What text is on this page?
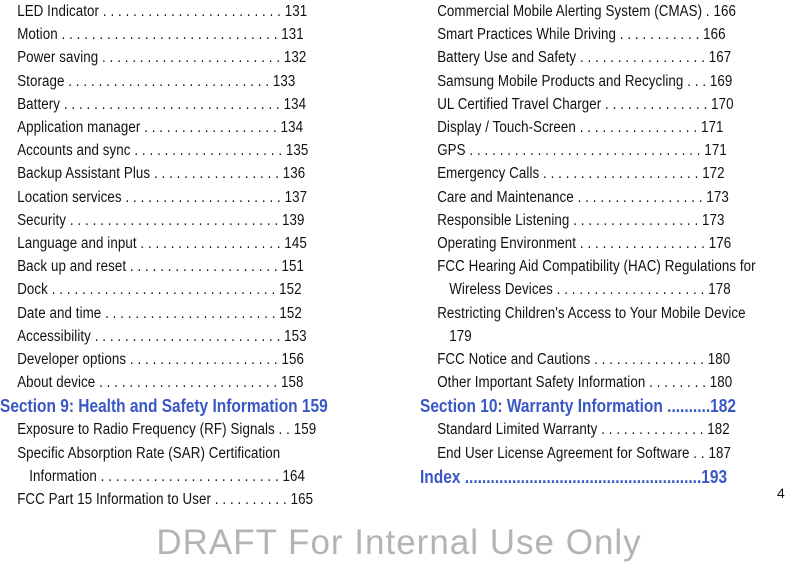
LED Indicator . . . . . . . . . . . . . . . . . . . . . . . . 131
Motion . . . . . . . . . . . . . . . . . . . . . . . . . . . . . 131
Power saving . . . . . . . . . . . . . . . . . . . . . . . . 132
Storage . . . . . . . . . . . . . . . . . . . . . . . . . . . 133
Battery . . . . . . . . . . . . . . . . . . . . . . . . . . . . . 134
Application manager . . . . . . . . . . . . . . . . . . 134
Accounts and sync . . . . . . . . . . . . . . . . . . . . 135
Backup Assistant Plus . . . . . . . . . . . . . . . . . 136
Location services . . . . . . . . . . . . . . . . . . . . . 137
Security . . . . . . . . . . . . . . . . . . . . . . . . . . . . 139
Language and input . . . . . . . . . . . . . . . . . . . 145
Back up and reset . . . . . . . . . . . . . . . . . . . . 151
Dock . . . . . . . . . . . . . . . . . . . . . . . . . . . . . . 152
Date and time . . . . . . . . . . . . . . . . . . . . . . . 152
Accessibility . . . . . . . . . . . . . . . . . . . . . . . . . 153
Developer options . . . . . . . . . . . . . . . . . . . . 156
About device . . . . . . . . . . . . . . . . . . . . . . . . 158
Section 9: Health and Safety Information 159
Exposure to Radio Frequency (RF) Signals . . 159
Specific Absorption Rate (SAR) Certification
Information . . . . . . . . . . . . . . . . . . . . . . . . 164
FCC Part 15 Information to User . . . . . . . . . . 165
Commercial Mobile Alerting System (CMAS) . 166
Smart Practices While Driving . . . . . . . . . . . 166
Battery Use and Safety . . . . . . . . . . . . . . . . . 167
Samsung Mobile Products and Recycling . . . 169
UL Certified Travel Charger . . . . . . . . . . . . . . 170
Display / Touch-Screen . . . . . . . . . . . . . . . . 171
GPS . . . . . . . . . . . . . . . . . . . . . . . . . . . . . . . 171
Emergency Calls . . . . . . . . . . . . . . . . . . . . . 172
Care and Maintenance . . . . . . . . . . . . . . . . . 173
Responsible Listening . . . . . . . . . . . . . . . . . 173
Operating Environment . . . . . . . . . . . . . . . . . 176
FCC Hearing Aid Compatibility (HAC) Regulations for
Wireless Devices . . . . . . . . . . . . . . . . . . . . 178
Restricting Children's Access to Your Mobile Device
179
FCC Notice and Cautions . . . . . . . . . . . . . . . 180
Other Important Safety Information . . . . . . . . 180
Section 10: Warranty Information ..........182
Standard Limited Warranty . . . . . . . . . . . . . . 182
End User License Agreement for Software . . 187
Index .......................................................193
4
DRAFT For Internal Use Only
